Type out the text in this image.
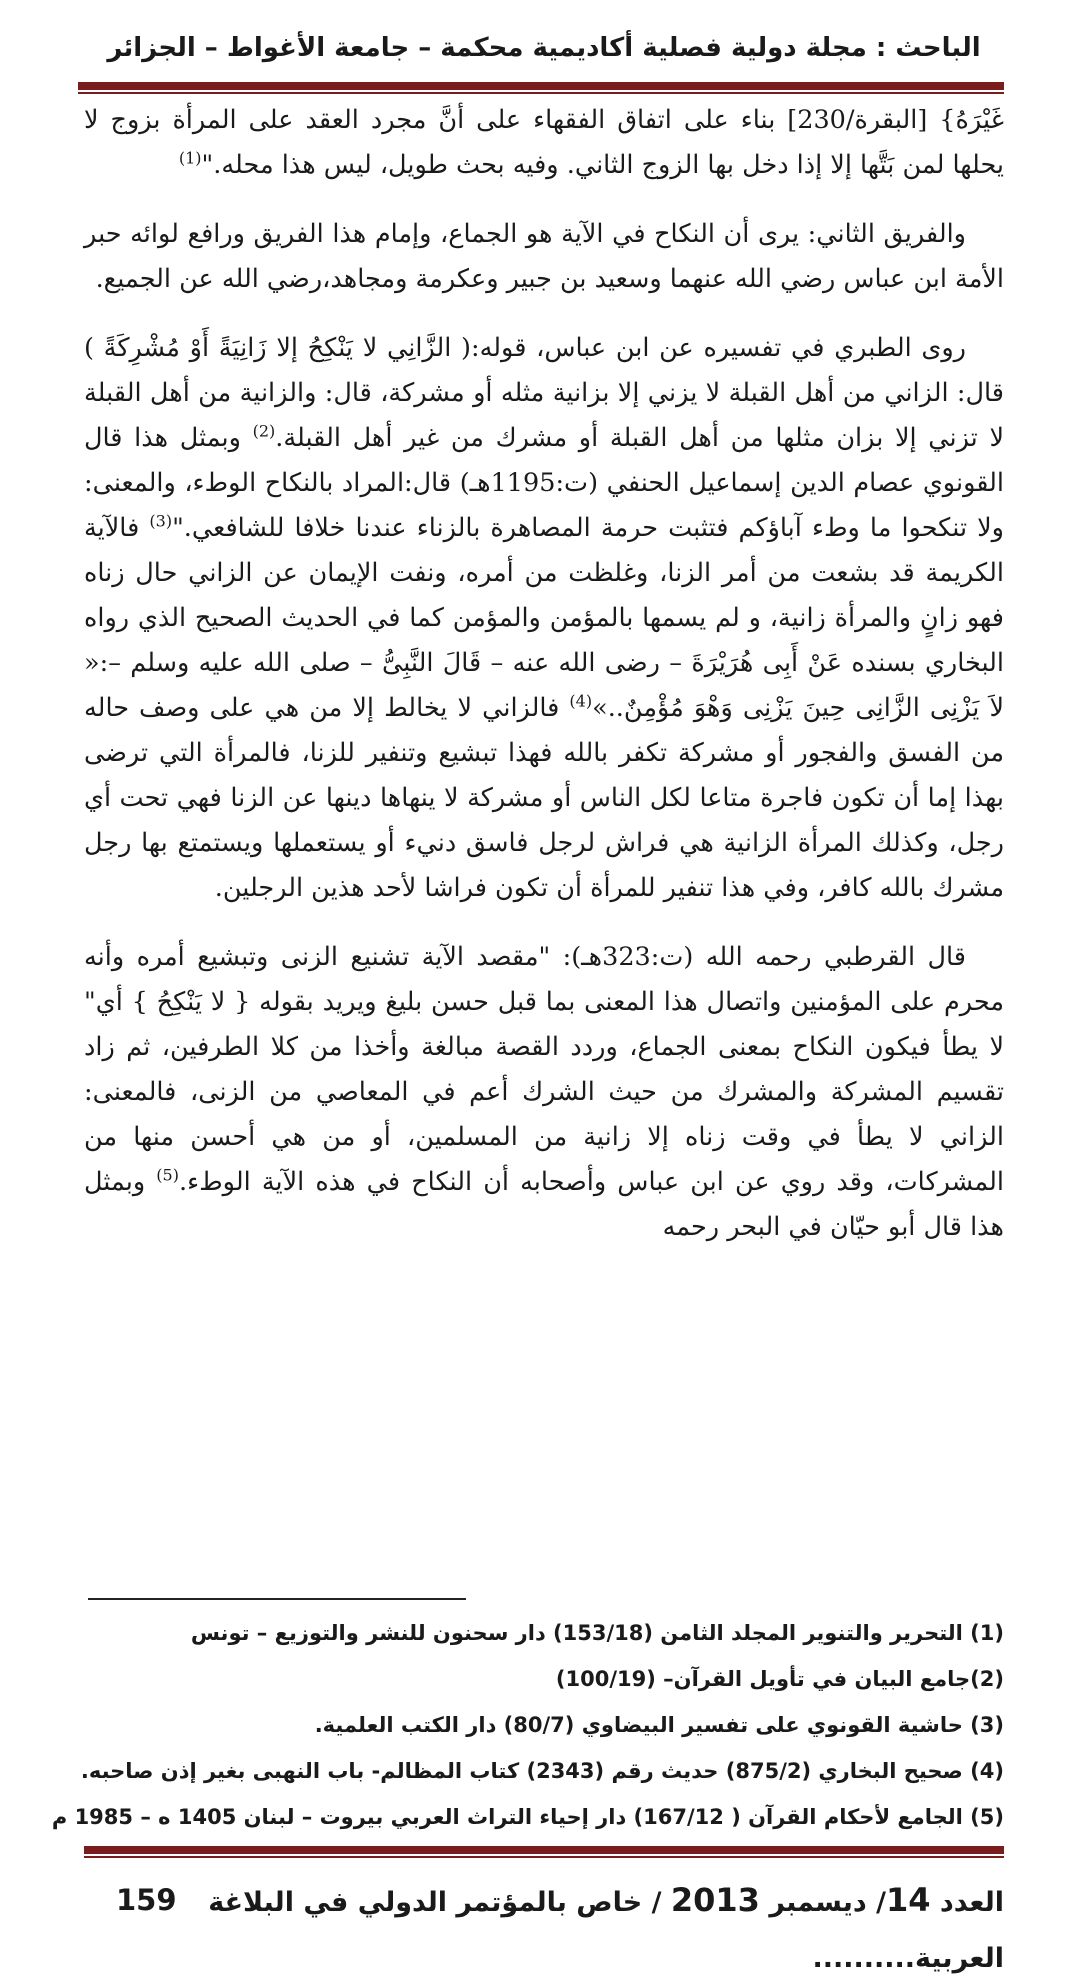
الباحث : مجلة دولية فصلية أكاديمية محكمة – جامعة الأغواط – الجزائر

غَيْرَهُ} [البقرة/230] بناء على اتفاق الفقهاء على أنَّ مجرد العقد على المرأة بزوج لا يحلها لمن بَتَّها إلا إذا دخل بها الزوج الثاني. وفيه بحث طويل، ليس هذا محله."$^{(1)}$

والفريق الثاني: يرى أن النكاح في الآية هو الجماع، وإمام هذا الفريق ورافع لوائه حبر الأمة ابن عباس رضي الله عنهما وسعيد بن جبير وعكرمة ومجاهد،رضي الله عن الجميع.

روى الطبري في تفسيره عن ابن عباس، قوله:( الزَّانِي لا يَنْكِحُ إلا زَانِيَةً أَوْ مُشْرِكَةً ) قال: الزاني من أهل القبلة لا يزني إلا بزانية مثله أو مشركة، قال: والزانية من أهل القبلة لا تزني إلا بزان مثلها من أهل القبلة أو مشرك من غير أهل القبلة.$^{(2)}$ وبمثل هذا قال القونوي عصام الدين إسماعيل الحنفي (ت:1195هـ) قال:المراد بالنكاح الوطء، والمعنى: ولا تنكحوا ما وطء آباؤكم فتثبت حرمة المصاهرة بالزناء عندنا خلافا للشافعي."$^{(3)}$ فالآية الكريمة قد بشعت من أمر الزنا، وغلظت من أمره، ونفت الإيمان عن الزاني حال زناه فهو زانٍ والمرأة زانية، و لم يسمها بالمؤمن والمؤمن كما في الحديث الصحيح الذي رواه البخاري بسنده عَنْ أَبِى هُرَيْرَةَ – رضى الله عنه – قَالَ النَّبِىُّ – صلى الله عليه وسلم –:« لاَ يَزْنِى الزَّانِى حِينَ يَزْنِى وَهْوَ مُؤْمِنٌ..»$^{(4)}$ فالزاني لا يخالط إلا من هي على وصف حاله من الفسق والفجور أو مشركة تكفر بالله فهذا تبشيع وتنفير للزنا، فالمرأة التي ترضى بهذا إما أن تكون فاجرة متاعا لكل الناس أو مشركة لا ينهاها دينها عن الزنا فهي تحت أي رجل، وكذلك المرأة الزانية هي فراش لرجل فاسق دنيء أو يستعملها ويستمتع بها رجل مشرك بالله كافر، وفي هذا تنفير للمرأة أن تكون فراشا لأحد هذين الرجلين.

قال القرطبي رحمه الله (ت:323هـ): "مقصد الآية تشنيع الزنى وتبشيع أمره وأنه محرم على المؤمنين واتصال هذا المعنى بما قبل حسن بليغ ويريد بقوله { لا يَنْكِحُ } أي" لا يطأ فيكون النكاح بمعنى الجماع، وردد القصة مبالغة وأخذا من كلا الطرفين، ثم زاد تقسيم المشركة والمشرك من حيث الشرك أعم في المعاصي من الزنى، فالمعنى: الزاني لا يطأ في وقت زناه إلا زانية من المسلمين، أو من هي أحسن منها من المشركات، وقد روي عن ابن عباس وأصحابه أن النكاح في هذه الآية الوطء.$^{(5)}$ وبمثل هذا قال أبو حيّان في البحر رحمه

(1) التحرير والتنوير المجلد الثامن (153/18) دار سحنون للنشر والتوزيع – تونس
(2)جامع البيان في تأويل القرآن– (100/19)
(3) حاشية القونوي على تفسير البيضاوي (80/7) دار الكتب العلمية.
(4) صحيح البخاري (875/2) حديث رقم (2343) كتاب المظالم- باب النهبى بغير إذن صاحبه.
(5) الجامع لأحكام القرآن ( 167/12) دار إحياء التراث العربي بيروت – لبنان 1405 ه – 1985 م
العدد 14/ ديسمبر 2013 / خاص بالمؤتمر الدولي في البلاغة العربية..........
159
